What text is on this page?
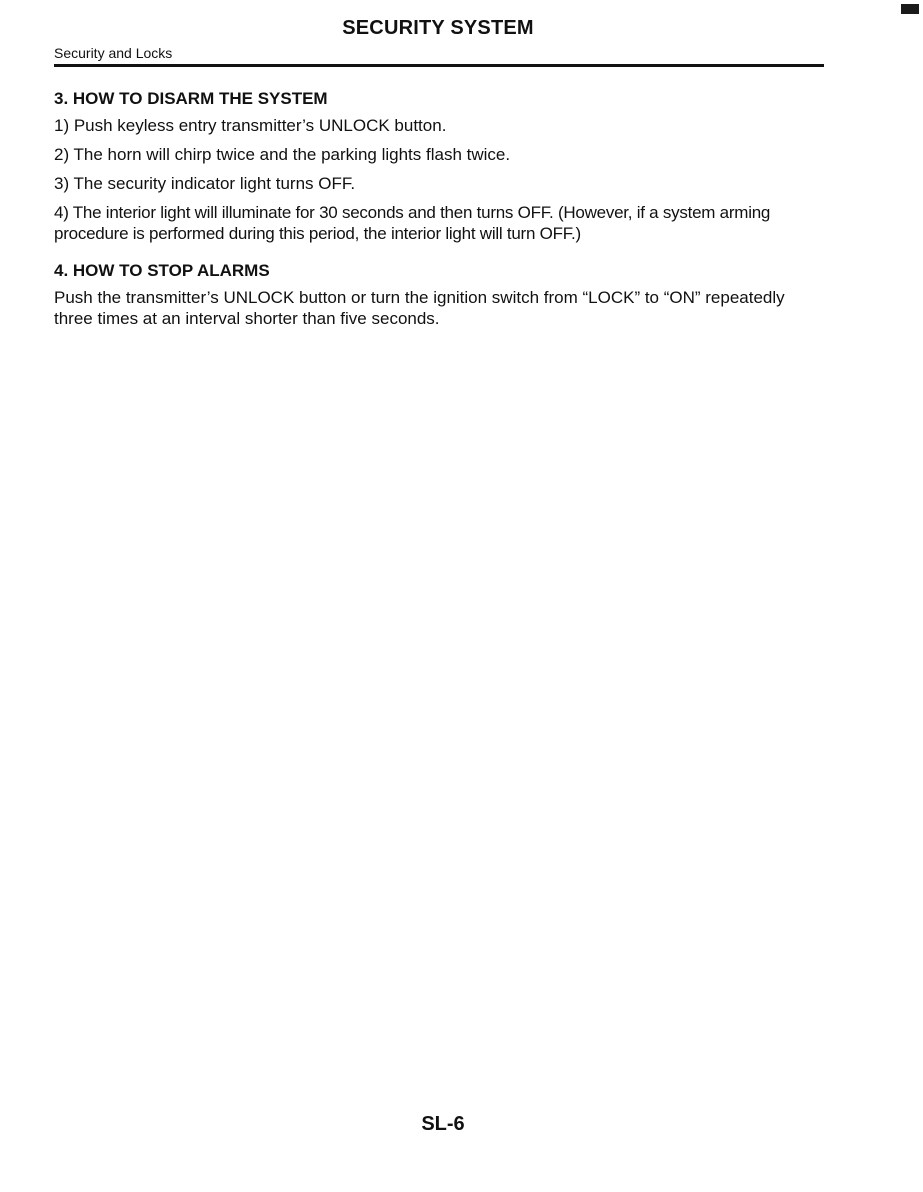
SECURITY SYSTEM
Security and Locks
3. HOW TO DISARM THE SYSTEM

1) Push keyless entry transmitter’s UNLOCK button.

2) The horn will chirp twice and the parking lights flash twice.

3) The security indicator light turns OFF.

4) The interior light will illuminate for 30 seconds and then turns OFF. (However, if a system arming procedure is performed during this period, the interior light will turn OFF.)

4. HOW TO STOP ALARMS

Push the transmitter’s UNLOCK button or turn the ignition switch from “LOCK” to “ON” repeatedly three times at an interval shorter than five seconds.

SL-6
